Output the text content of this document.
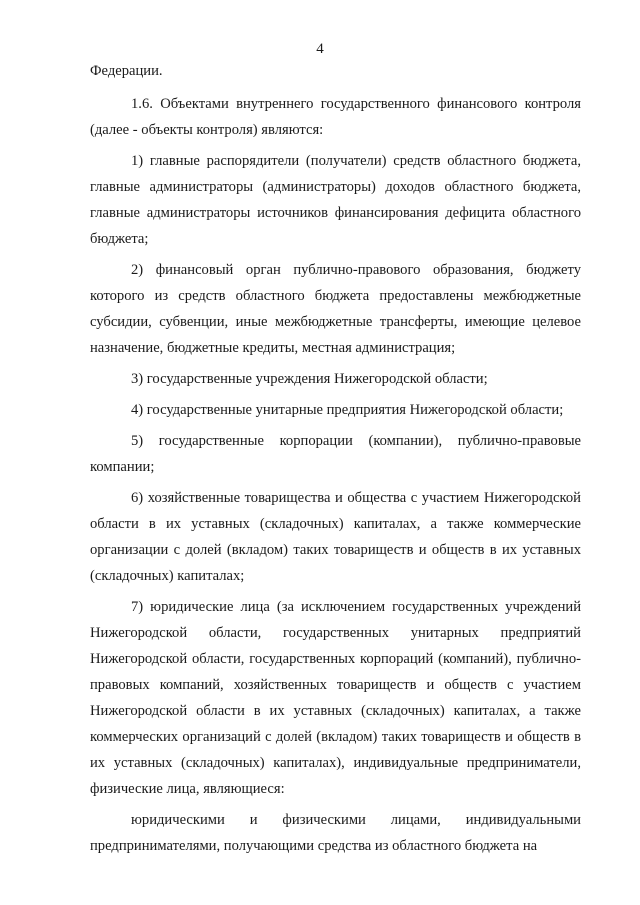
4

Федерации.

1.6. Объектами внутреннего государственного финансового контроля (далее - объекты контроля) являются:

1) главные распорядители (получатели) средств областного бюджета, главные администраторы (администраторы) доходов областного бюджета, главные администраторы источников финансирования дефицита областного бюджета;

2) финансовый орган публично-правового образования, бюджету которого из средств областного бюджета предоставлены межбюджетные субсидии, субвенции, иные межбюджетные трансферты, имеющие целевое назначение, бюджетные кредиты, местная администрация;

3) государственные учреждения Нижегородской области;

4) государственные унитарные предприятия Нижегородской области;

5) государственные корпорации (компании), публично-правовые компании;

6) хозяйственные товарищества и общества с участием Нижегородской области в их уставных (складочных) капиталах, а также коммерческие организации с долей (вкладом) таких товариществ и обществ в их уставных (складочных) капиталах;

7) юридические лица (за исключением государственных учреждений Нижегородской области, государственных унитарных предприятий Нижегородской области, государственных корпораций (компаний), публично-правовых компаний, хозяйственных товариществ и обществ с участием Нижегородской области в их уставных (складочных) капиталах, а также коммерческих организаций с долей (вкладом) таких товариществ и обществ в их уставных (складочных) капиталах), индивидуальные предприниматели, физические лица, являющиеся:

юридическими и физическими лицами, индивидуальными предпринимателями, получающими средства из областного бюджета на
